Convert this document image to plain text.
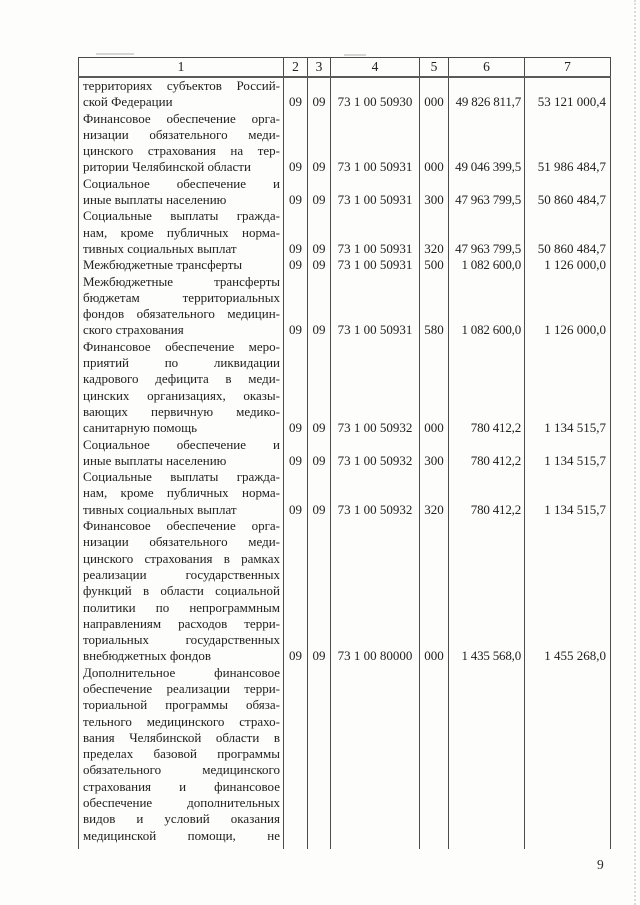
1	2	3	4	5	6	7

территориях субъектов Россий-
ской Федерации	09	09	73 1 00 50930	000	49 826 811,7	53 121 000,4

Финансовое обеспечение орга-
низации обязательного меди-
цинского страхования на тер-
ритории Челябинской области	09	09	73 1 00 50931	000	49 046 399,5	51 986 484,7

Социальное обеспечение и
иные выплаты населению	09	09	73 1 00 50931	300	47 963 799,5	50 860 484,7

Социальные выплаты гражда-
нам, кроме публичных норма-
тивных социальных выплат	09	09	73 1 00 50931	320	47 963 799,5	50 860 484,7

Межбюджетные трансферты	09	09	73 1 00 50931	500	1 082 600,0	1 126 000,0

Межбюджетные трансферты
бюджетам территориальных
фондов обязательного медицин-
ского страхования	09	09	73 1 00 50931	580	1 082 600,0	1 126 000,0

Финансовое обеспечение меро-
приятий по ликвидации
кадрового дефицита в меди-
цинских организациях, оказы-
вающих первичную медико-
санитарную помощь	09	09	73 1 00 50932	000	780 412,2	1 134 515,7

Социальное обеспечение и
иные выплаты населению	09	09	73 1 00 50932	300	780 412,2	1 134 515,7

Социальные выплаты гражда-
нам, кроме публичных норма-
тивных социальных выплат	09	09	73 1 00 50932	320	780 412,2	1 134 515,7

Финансовое обеспечение орга-
низации обязательного меди-
цинского страхования в рамках
реализации государственных
функций в области социальной
политики по непрограммным
направлениям расходов терри-
ториальных государственных
внебюджетных фондов	09	09	73 1 00 80000	000	1 435 568,0	1 455 268,0

Дополнительное финансовое
обеспечение реализации терри-
ториальной программы обяза-
тельного медицинского страхо-
вания Челябинской области в
пределах базовой программы
обязательного медицинского
страхования и финансовое
обеспечение дополнительных
видов и условий оказания
медицинской помощи, не

9
